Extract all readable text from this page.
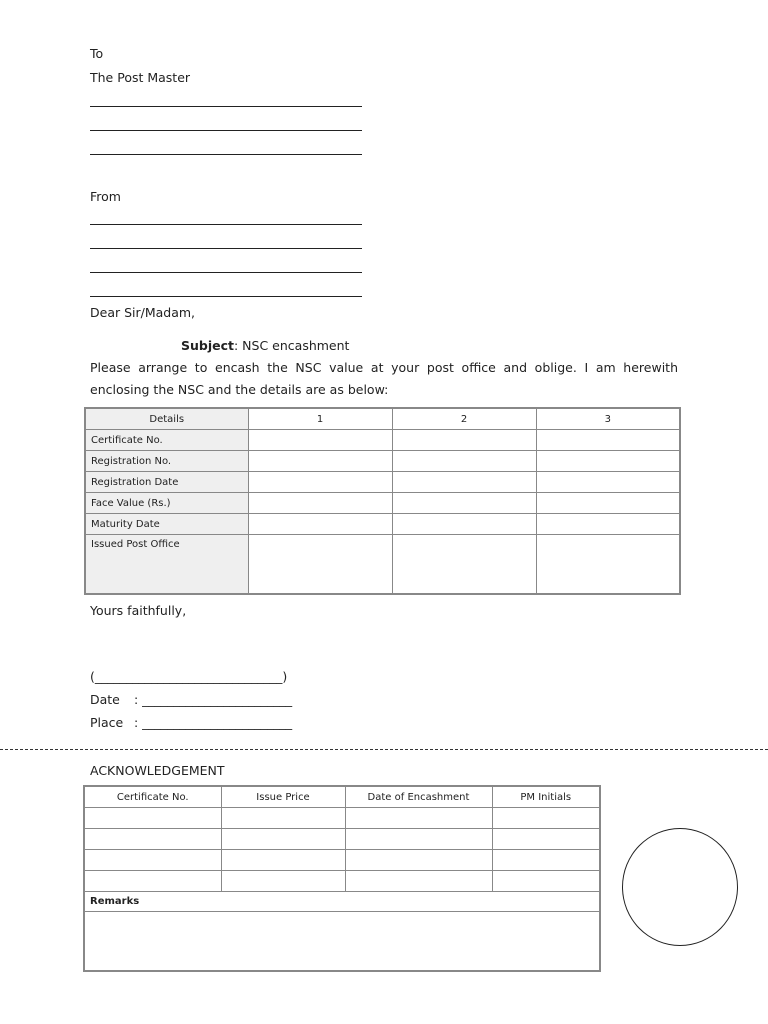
To
The Post Master
From
Dear Sir/Madam,
Subject: NSC encashment
Please arrange to encash the NSC value at your post office and oblige. I am herewith enclosing the NSC and the details are as below:
Details	1	2	3
Certificate No.			
Registration No.			
Registration Date			
Face Value (Rs.)			
Maturity Date			
Issued Post Office			
Yours faithfully,
(______________________________)
Date : ________________________
Place : ________________________
ACKNOWLEDGEMENT
Certificate No.	Issue Price	Date of Encashment	PM Initials

Remarks			
